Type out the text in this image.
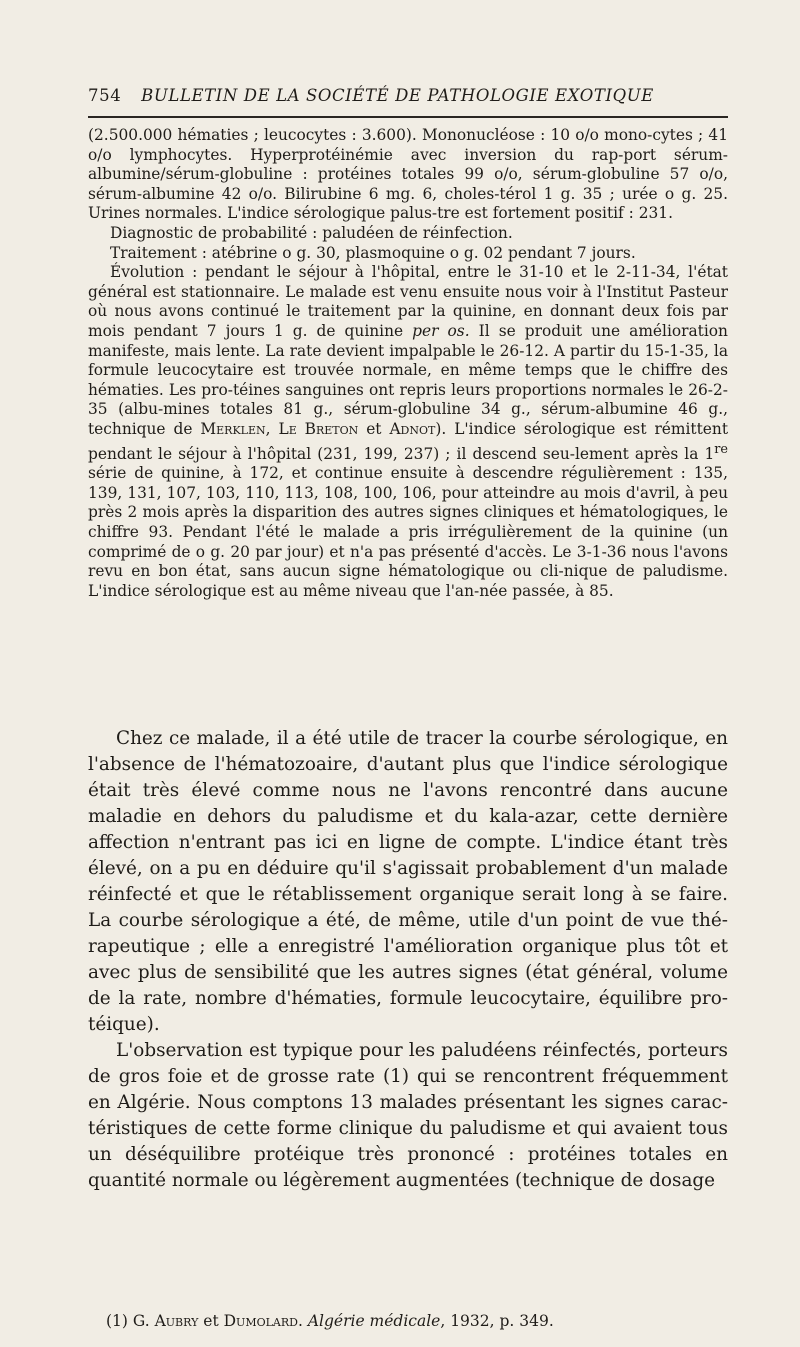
754 BULLETIN DE LA SOCIÉTÉ DE PATHOLOGIE EXOTIQUE

(2.500.000 hématies ; leucocytes : 3.600). Mononucléose : 10 o/o mono-cytes ; 41 o/o lymphocytes. Hyperprotéinémie avec inversion du rap-port sérum-albumine/sérum-globuline : protéines totales 99 o/o, sérum-globuline 57 o/o, sérum-albumine 42 o/o. Bilirubine 6 mg. 6, choles-térol 1 g. 35 ; urée o g. 25. Urines normales. L'indice sérologique palus-tre est fortement positif : 231.

Diagnostic de probabilité : paludéen de réinfection.

Traitement : atébrine o g. 30, plasmoquine o g. 02 pendant 7 jours.

Évolution : pendant le séjour à l'hôpital, entre le 31-10 et le 2-11-34, l'état général est stationnaire. Le malade est venu ensuite nous voir à l'Institut Pasteur où nous avons continué le traitement par la quinine, en donnant deux fois par mois pendant 7 jours 1 g. de quinine per os. Il se produit une amélioration manifeste, mais lente. La rate devient impalpable le 26-12. A partir du 15-1-35, la formule leucocytaire est trouvée normale, en même temps que le chiffre des hématies. Les pro-téines sanguines ont repris leurs proportions normales le 26-2-35 (albu-mines totales 81 g., sérum-globuline 34 g., sérum-albumine 46 g., technique de Merklen, Le Breton et Adnot). L'indice sérologique est rémittent pendant le séjour à l'hôpital (231, 199, 237) ; il descend seu-lement après la 1re série de quinine, à 172, et continue ensuite à descendre régulièrement : 135, 139, 131, 107, 103, 110, 113, 108, 100, 106, pour atteindre au mois d'avril, à peu près 2 mois après la disparition des autres signes cliniques et hématologiques, le chiffre 93. Pendant l'été le malade a pris irrégulièrement de la quinine (un comprimé de o g. 20 par jour) et n'a pas présenté d'accès. Le 3-1-36 nous l'avons revu en bon état, sans aucun signe hématologique ou cli-nique de paludisme. L'indice sérologique est au même niveau que l'an-née passée, à 85.

Chez ce malade, il a été utile de tracer la courbe sérologique, en l'absence de l'hématozoaire, d'autant plus que l'indice sérologique était très élevé comme nous ne l'avons rencontré dans aucune maladie en dehors du paludisme et du kala-azar, cette dernière affection n'entrant pas ici en ligne de compte. L'indice étant très élevé, on a pu en déduire qu'il s'agissait probablement d'un malade réinfecté et que le rétablissement organique serait long à se faire. La courbe sérologique a été, de même, utile d'un point de vue thé-rapeutique ; elle a enregistré l'amélioration organique plus tôt et avec plus de sensibilité que les autres signes (état général, volume de la rate, nombre d'hématies, formule leucocytaire, équilibre pro-téique).

L'observation est typique pour les paludéens réinfectés, porteurs de gros foie et de grosse rate (1) qui se rencontrent fréquemment en Algérie. Nous comptons 13 malades présentant les signes carac-téristiques de cette forme clinique du paludisme et qui avaient tous un déséquilibre protéique très prononcé : protéines totales en quantité normale ou légèrement augmentées (technique de dosage

(1) G. Aubry et Dumolard. Algérie médicale, 1932, p. 349.
